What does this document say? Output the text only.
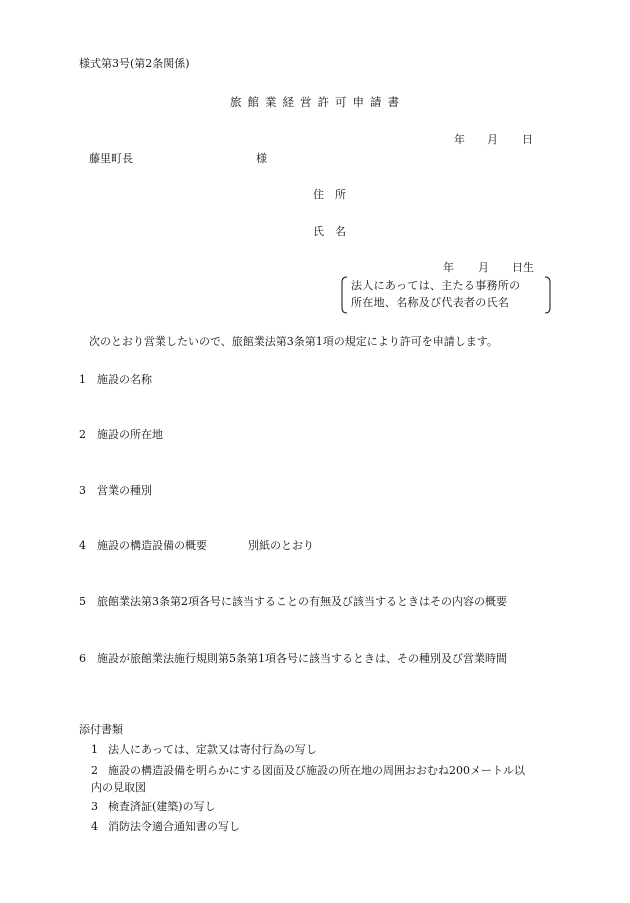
様式第3号(第2条関係)
旅館業経営許可申請書
年 月 日
藤里町長	様
住　所
氏　名
年 月 日生
法人にあっては、主たる事務所の
所在地、名称及び代表者の氏名
次のとおり営業したいので、旅館業法第3条第1項の規定により許可を申請します。
1 施設の名称
2 施設の所在地
3 営業の種別
4 施設の構造設備の概要	別紙のとおり
5 旅館業法第3条第2項各号に該当することの有無及び該当するときはその内容の概要
6 施設が旅館業法施行規則第5条第1項各号に該当するときは、その種別及び営業時間
添付書類
1 法人にあっては、定款又は寄付行為の写し
2 施設の構造設備を明らかにする図面及び施設の所在地の周囲おおむね200メートル以
内の見取図
3 検査済証(建築)の写し
4 消防法令適合通知書の写し
